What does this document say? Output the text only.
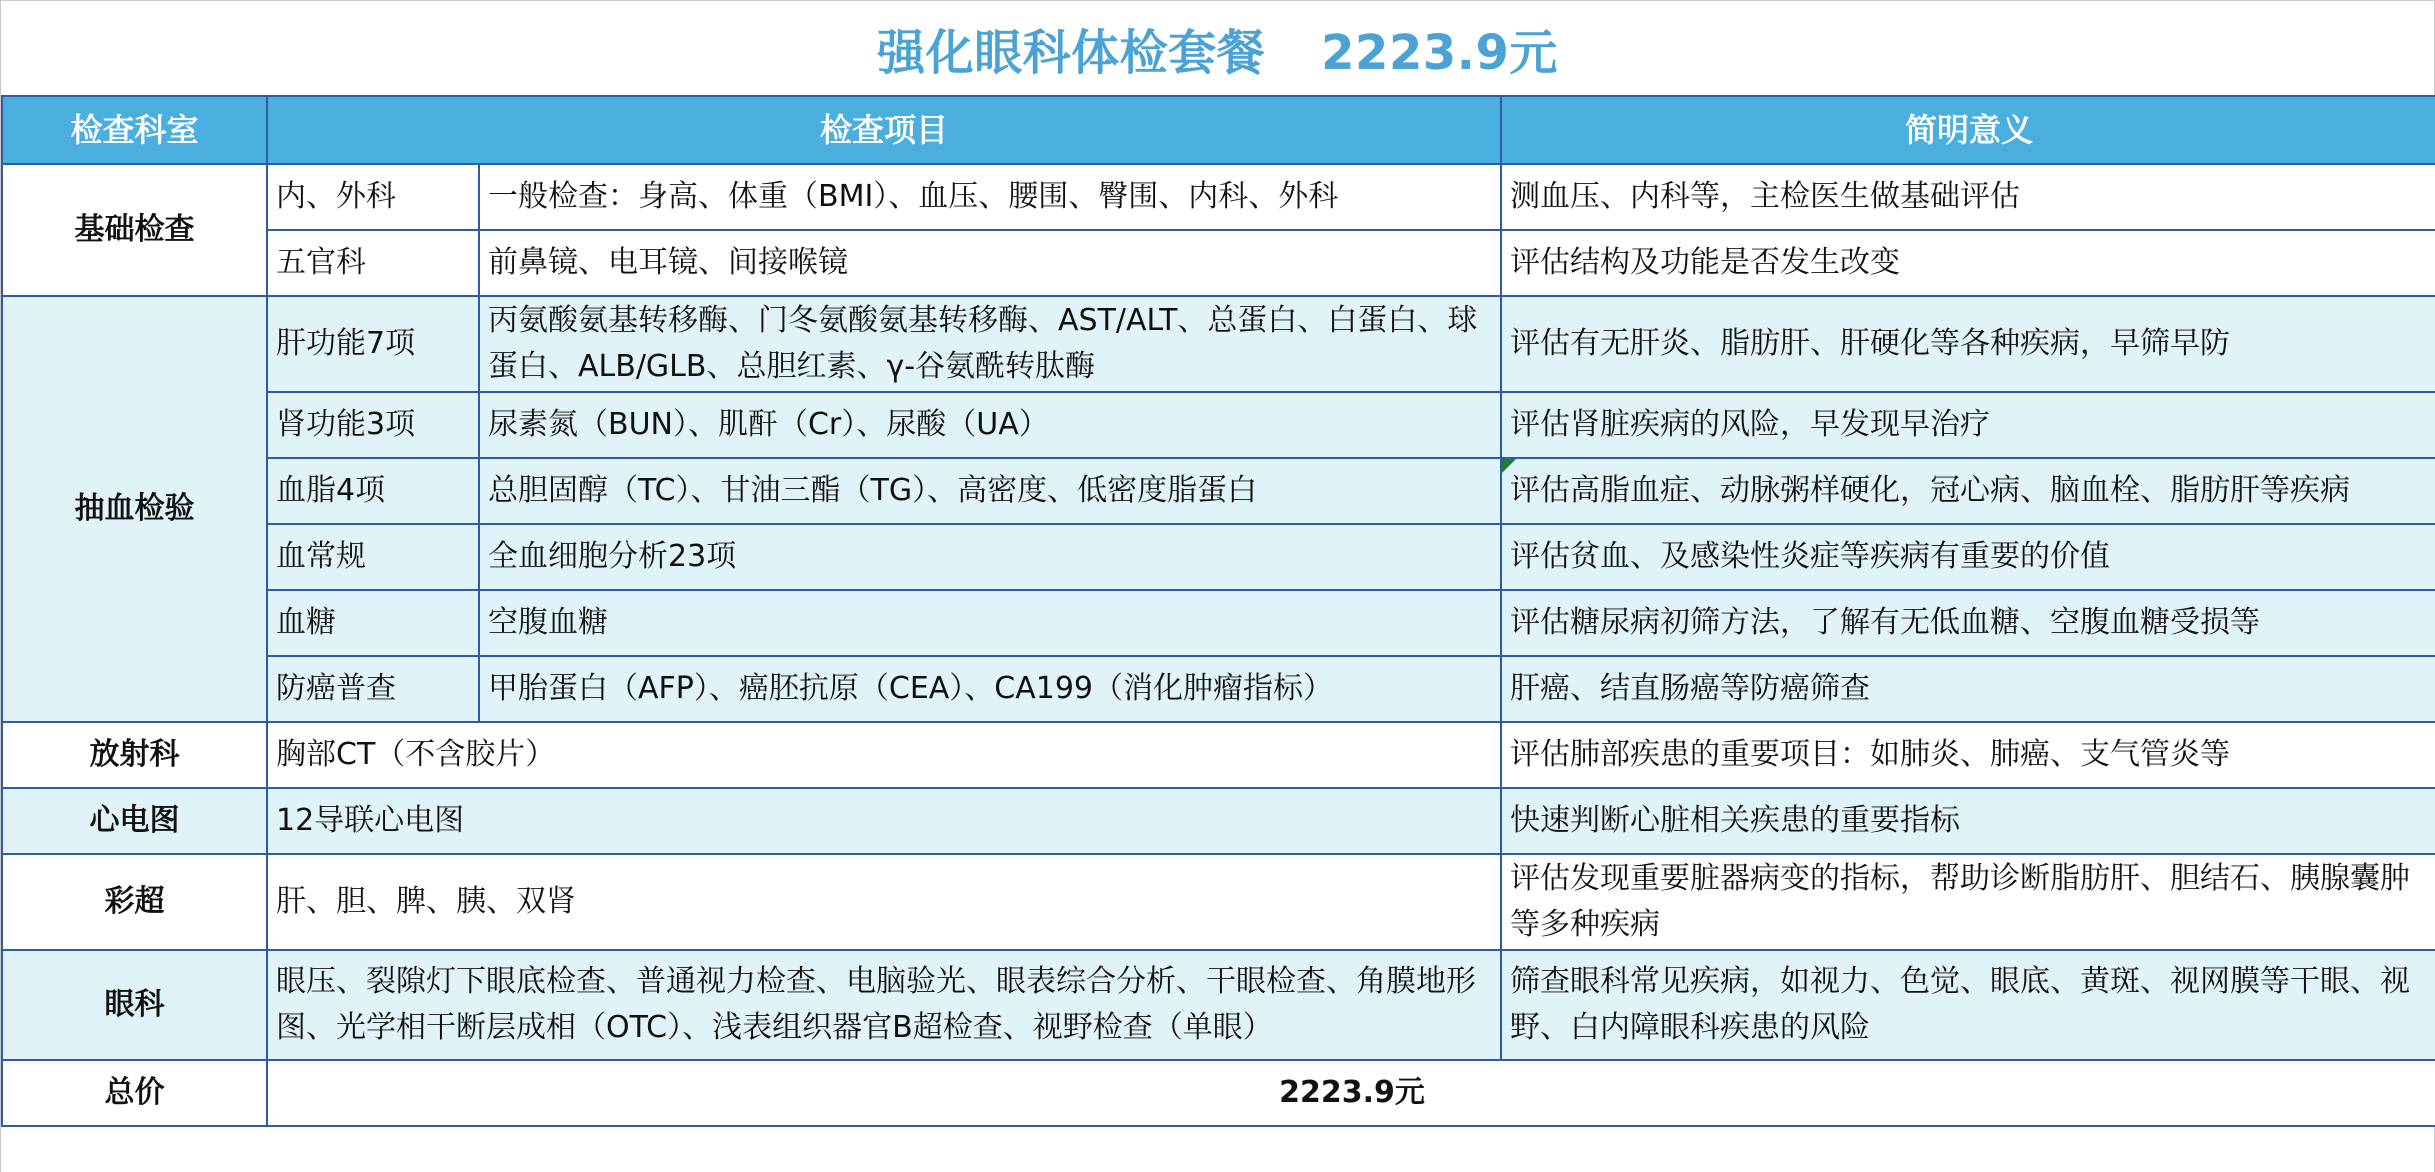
强化眼科体检套餐 2223.9元
检查科室	检查项目		简明意义
基础检查	内、外科	一般检查：身高、体重（BMI）、血压、腰围、臀围、内科、外科	测血压、内科等，主检医生做基础评估
	五官科	前鼻镜、电耳镜、间接喉镜	评估结构及功能是否发生改变
抽血检验	肝功能7项	丙氨酸氨基转移酶、门冬氨酸氨基转移酶、AST/ALT、总蛋白、白蛋白、球蛋白、ALB/GLB、总胆红素、γ-谷氨酰转肽酶	评估有无肝炎、脂肪肝、肝硬化等各种疾病，早筛早防
	肾功能3项	尿素氮（BUN）、肌酐（Cr）、尿酸（UA）	评估肾脏疾病的风险，早发现早治疗
	血脂4项	总胆固醇（TC）、甘油三酯（TG）、高密度、低密度脂蛋白	评估高脂血症、动脉粥样硬化，冠心病、脑血栓、脂肪肝等疾病
	血常规	全血细胞分析23项	评估贫血、及感染性炎症等疾病有重要的价值
	血糖	空腹血糖	评估糖尿病初筛方法，了解有无低血糖、空腹血糖受损等
	防癌普查	甲胎蛋白（AFP）、癌胚抗原（CEA）、CA199（消化肿瘤指标）	肝癌、结直肠癌等防癌筛查
放射科	胸部CT（不含胶片）		评估肺部疾患的重要项目：如肺炎、肺癌、支气管炎等
心电图	12导联心电图		快速判断心脏相关疾患的重要指标
彩超	肝、胆、脾、胰、双肾		评估发现重要脏器病变的指标，帮助诊断脂肪肝、胆结石、胰腺囊肿等多种疾病
眼科	眼压、裂隙灯下眼底检查、普通视力检查、电脑验光、眼表综合分析、干眼检查、角膜地形图、光学相干断层成相（OTC）、浅表组织器官B超检查、视野检查（单眼）		筛查眼科常见疾病，如视力、色觉、眼底、黄斑、视网膜等干眼、视野、白内障眼科疾患的风险
总价	2223.9元		
